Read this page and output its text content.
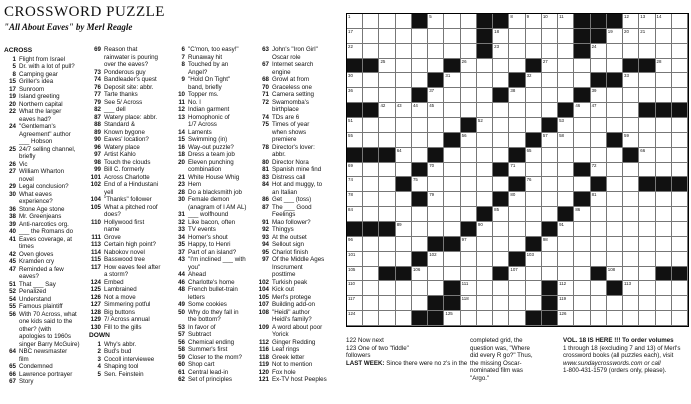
CROSSWORD PUZZLE
"All About Eaves" by Merl Reagle
ACROSS
1 Flight from Israel
5 Dr. with a lot of pull?
8 Camping gear
15 Griller's idea
17 Sunroom
19 Island greeting
20 Northern capital
22 What the larger
eaves had?
24 "Gentleman's
Agreement" author
___ Hobson
25 24/7 selling channel,
briefly
26 Vic
27 William Wharton
novel
29 Legal conclusion?
30 What eaves
experience?
36 Stone Age stone
38 Mr. Greenjeans
39 Anti-narcotics org.
40 ___ the Romans do
41 Eaves coverage, at
times
42 Oven gloves
45 Kramden cry
47 Reminded a few
eaves?
51 That ___ Say
52 Penalized
54 Understand
55 Famous plaintiff
56 With 70 Across, what
one kids said to the
other? (with
apologies to 1960s
singer Barry McGuire)
64 NBC newsmaster
film
65 Condemned
66 Lawrence portrayer
67 Story
69 Reason that
rainwater is pouring
over the eaves?
73 Ponderous guy
74 Bandleader's quest
76 Deposit site: abbr.
77 Tarte thanks
79 See 5/ Across
82 ___ dell
87 Watery place: abbr.
88 Standard &
89 Known bygone
90 Eaves' location?
96 Watery place
97 Artist Kahlo
98 Touch the clouds
99 Bill C. formerly
101 Across Charlotte
102 End of a Hindustani
yell
104 "Thanks" follower
105 What a pitched roof
does?
110 Hollywood first
name
111 Grove
113 Certain high point?
114 Nabokov novel
115 Basswood tree
117 How eaves feel after
a storm?
124 Embed
125 Lambrained
126 Not a move
127 Simmering potful
128 Big buttons
129 7/ Across annual
130 Fill to the gills
DOWN
1 Why's abbr.
2 Bud's bud
3 Cocoll interviewee
4 Shaping tool
5 Sen. Feinstein
6 "C'mon, too easy!"
7 Runaway hit
8 Touched by an
Angel?
9 "Hold On Tight"
band, briefly
10 Topper ms.
11 No. l
12 Indian garment
13 Homophonic of
1/7 Across
14 Laments
15 Swimming (in)
16 Way-out puzzle?
18 Dress a team job
20 Eleven punching
combination
21 White House Whig
23 Hem
28 Do a blacksmith job
30 Female demon
(anagram of I AM AL)
31 ___ wolfhound
32 Like bacon, often
33 TV events
34 Homer's shout
35 Happy, to Henri
37 Part of an island?
43 "I'm inclined ___ with
you"
44 Ahead
46 Charlotte's home
48 French bullet-train
letters
49 Some cookies
50 Why do they fall in
the bottom?
53 In favor of
57 Subtract
56 Chemical ending
58 Summer's first
59 Closer to the mom?
60 Shop cart
61 Central lead-in
62 Set of principles
63 John's "Iron Girl"
Oscar role
67 Internet search
engine
68 Growl at from
70 Graceless one
71 Camera setting
72 Swamomba's
birthplace
74 TDs are 6
75 Times of year
when shows
premiere
78 Director's lover:
abbr.
80 Director Nora
81 Spanish mine find
83 Distress call
84 Hot and muggy, to
an Italian
86 Get ___ (toss)
87 The ___ Good
Feelings
91 Mao follower?
92 Thingys
93 At the outset
94 Sellout sign
95 Chariot finish
97 Of the Middle Ages
Inscrument
posttime
102 Turkish peak
104 Kick out
105 Merl's protege
107 Building add-on
108 "Heidi" author
Heidi's family?
109 A word about poor
Yorick
112 Ginger Redding
116 Leaf rings
118 Greek letter
119 Not to mention
120 Fox hole
121 Ex-TV host Peeples
1	5	8	9	10	11	12	13	14
17	18	19	20	21
22	23	24
25	26	27	28
30	31	32	33
36	37	38	39
42	43	44	45	46	47
51	52	53
55	56	57	58	59
64	65	66
69	70	71	72
74	75	76
78	79	80	81
84	85	86
89	90	91
96	97	98
101	102	103
105	106	107	108
110	111	112	113
117	118	119
124	125	126
122 Now next
123 One of two "fiddle"
followers
LAST WEEK: Since there were no z's in the
completed grid, the
question was, "Where
did every R go?" Thus,
the missing Oscar-
nominated film was
"Argo."
VOL. 18 IS HERE !!! To order volumes
1 through 18 (excluding 7 and 13) of Merl's
crossword books (all puzzles each), visit
www.sundaycrosswords.com or call
1-800-431-1579 (orders only, please).
